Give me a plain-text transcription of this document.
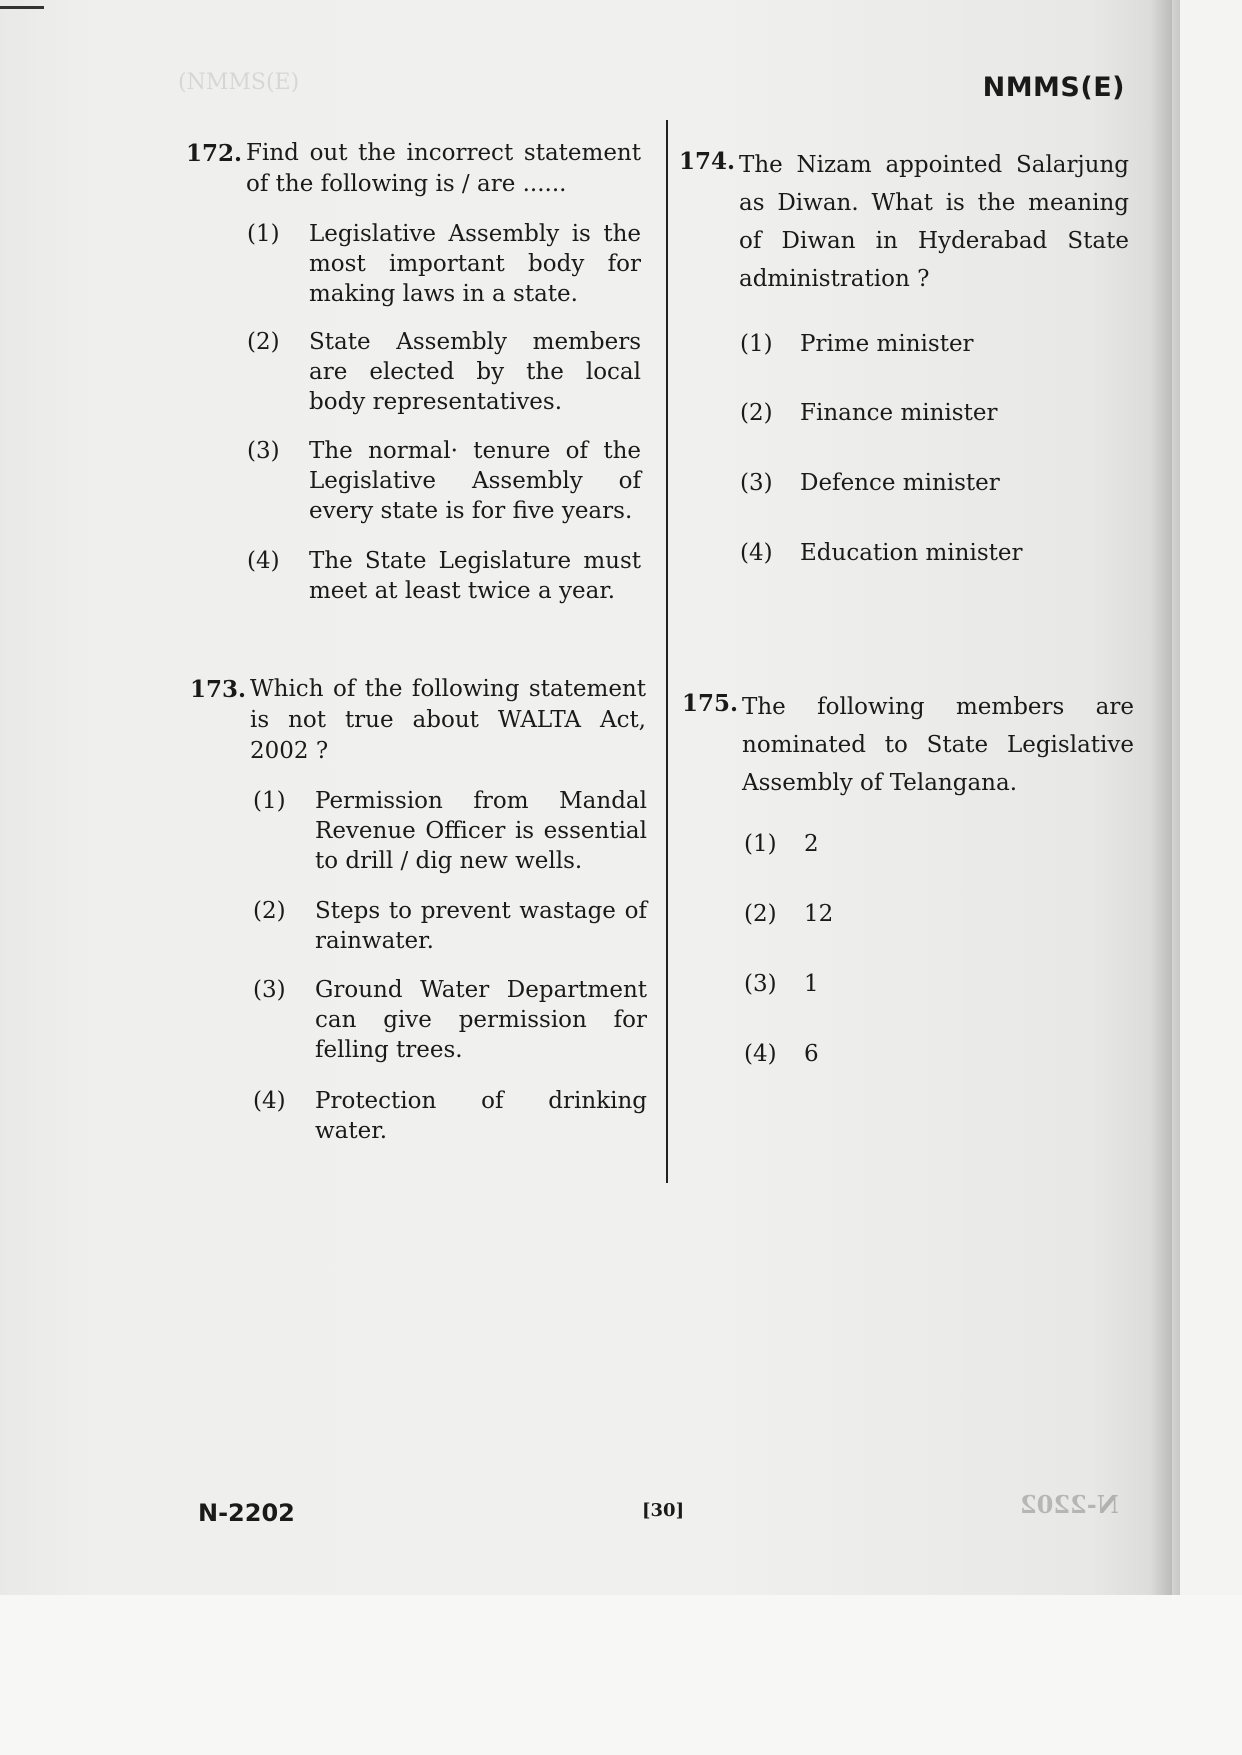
(NMMS(E)	NMMS(E)
172. Find out the incorrect statement of the following is / are ......
(1) Legislative Assembly is the most important body for making laws in a state.
(2) State Assembly members are elected by the local body representatives.
(3) The normal· tenure of the Legislative Assembly of every state is for five years.
(4) The State Legislature must meet at least twice a year.
173. Which of the following statement is not true about WALTA Act, 2002 ?
(1) Permission from Mandal Revenue Officer is essential to drill / dig new wells.
(2) Steps to prevent wastage of rainwater.
(3) Ground Water Department can give permission for felling trees.
(4) Protection of drinking water.
174. The Nizam appointed Salarjung as Diwan. What is the meaning of Diwan in Hyderabad State administration ?
(1) Prime minister
(2) Finance minister
(3) Defence minister
(4) Education minister
175. The following members are nominated to State Legislative Assembly of Telangana.
(1) 2
(2) 12
(3) 1
(4) 6
N-2202	[30]	N-2202
